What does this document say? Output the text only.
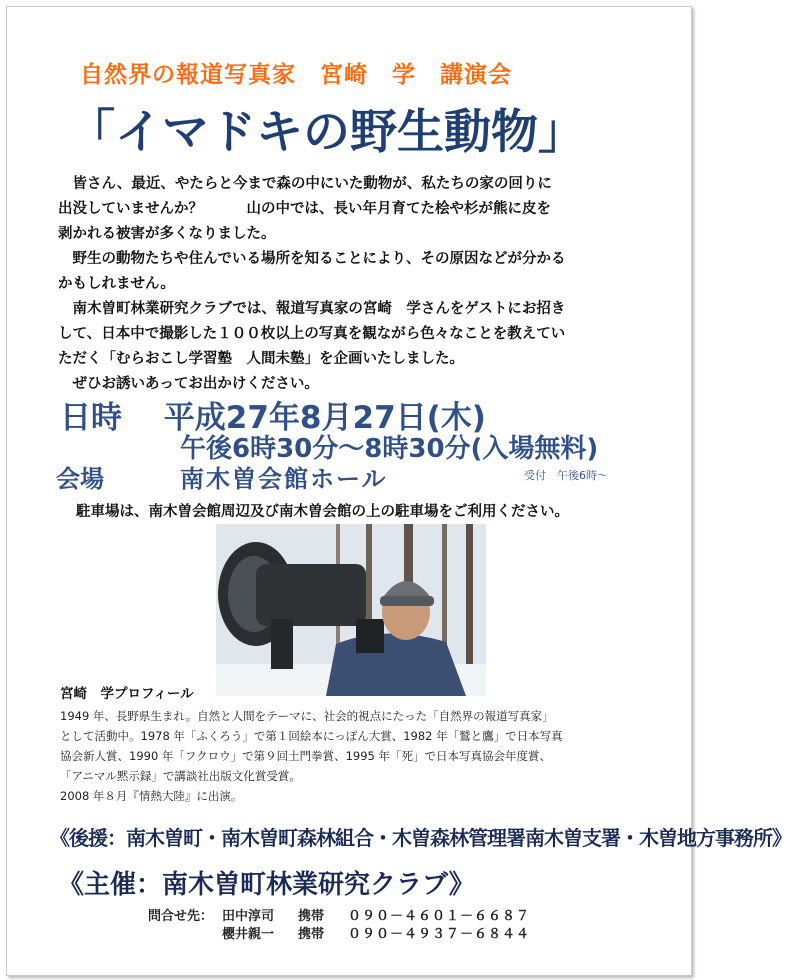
自然界の報道写真家　宮崎　学　講演会
「イマドキの野生動物」
　皆さん、最近、やたらと今まで森の中にいた動物が、私たちの家の回りに
出没していませんか？　　　山の中では、長い年月育てた桧や杉が熊に皮を
剥かれる被害が多くなりました。
　野生の動物たちや住んでいる場所を知ることにより、その原因などが分かる
かもしれません。
　南木曽町林業研究クラブでは、報道写真家の宮崎　学さんをゲストにお招き
して、日本中で撮影した１００枚以上の写真を観ながら色々なことを教えてい
ただく「むらおこし学習塾　人間未塾」を企画いたしました。
　ぜひお誘いあってお出かけください。
日時　 平成27年8月27日(木)
午後6時30分～8時30分(入場無料)
会場	南木曽会館ホール	受付　午後6時～
駐車場は、南木曽会館周辺及び南木曽会館の上の駐車場をご利用ください。
宮崎　学プロフィール
1949 年、長野県生まれ。自然と人間をテーマに、社会的視点にたった「自然界の報道写真家」
として活動中。1978 年「ふくろう」で第１回絵本にっぽん大賞、1982 年「鷲と鷹」で日本写真
協会新人賞、1990 年「フクロウ」で第９回土門拳賞、1995 年「死」で日本写真協会年度賞、
「アニマル黙示録」で講談社出版文化賞受賞。
2008 年８月『情熱大陸』に出演。
《後援：南木曽町・南木曽町森林組合・木曽森林管理署南木曽支署・木曽地方事務所》
《主催：南木曽町林業研究クラブ》
問合せ先： 田中淳司 携帯 ０９０－４６０１－６６８７
櫻井親一 携帯 ０９０－４９３７－６８４４
